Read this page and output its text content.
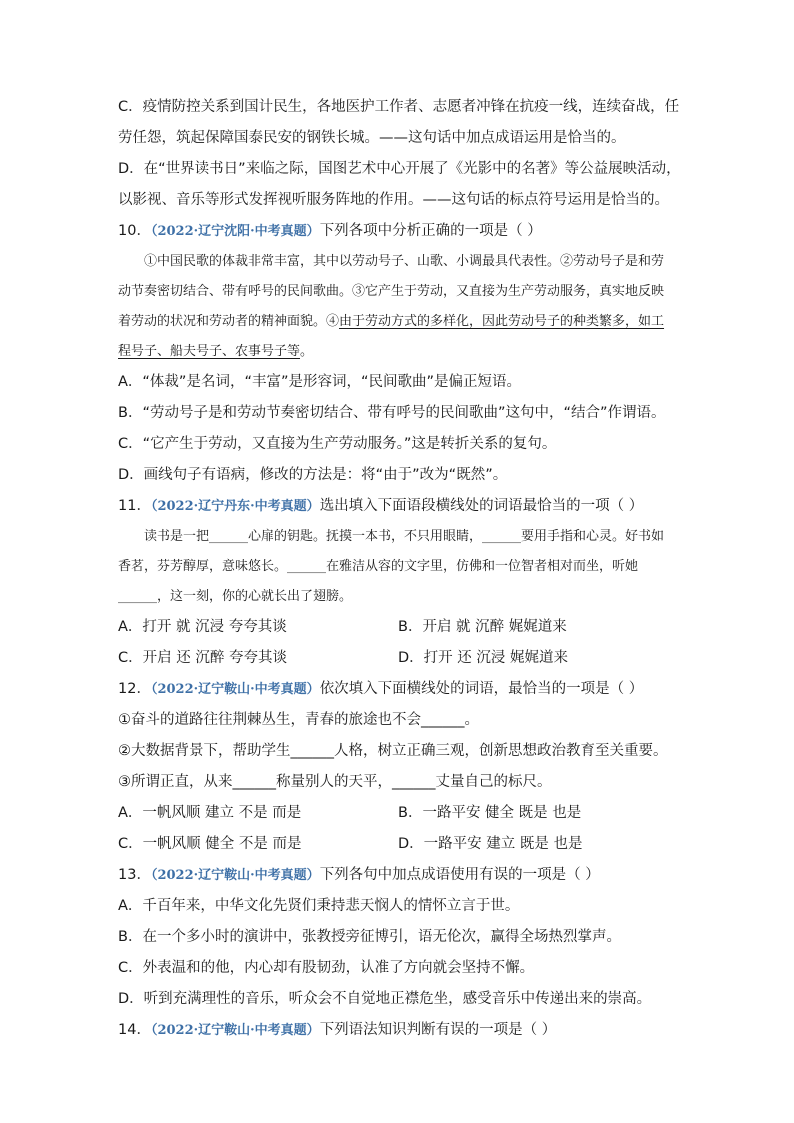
C．疫情防控关系到国计民生，各地医护工作者、志愿者冲锋在抗疫一线，连续奋战，任
劳任怨，筑起保障国泰民安的钢铁长城。——这句话中加点成语运用是恰当的。
D．在“世界读书日”来临之际，国图艺术中心开展了《光影中的名著》等公益展映活动，
以影视、音乐等形式发挥视听服务阵地的作用。——这句话的标点符号运用是恰当的。
10．（2022·辽宁沈阳·中考真题）下列各项中分析正确的一项是（ ）
①中国民歌的体裁非常丰富，其中以劳动号子、山歌、小调最具代表性。②劳动号子是和劳动节奏密切结合、带有呼号的民间歌曲。③它产生于劳动，又直接为生产劳动服务，真实地反映着劳动的状况和劳动者的精神面貌。④由于劳动方式的多样化，因此劳动号子的种类繁多，如工程号子、船夫号子、农事号子等。
A．“体裁”是名词，“丰富”是形容词，“民间歌曲”是偏正短语。
B．“劳动号子是和劳动节奏密切结合、带有呼号的民间歌曲”这句中，“结合”作谓语。
C．“它产生于劳动，又直接为生产劳动服务。”这是转折关系的复句。
D．画线句子有语病，修改的方法是：将“由于”改为“既然”。
11．（2022·辽宁丹东·中考真题）选出填入下面语段横线处的词语最恰当的一项（ ）
读书是一把______心扉的钥匙。抚摸一本书，不只用眼睛，______要用手指和心灵。好书如香茗，芬芳醇厚，意味悠长。______在雅洁从容的文字里，仿佛和一位智者相对而坐，听她______，这一刻，你的心就长出了翅膀。
A．打开 就 沉浸 夸夸其谈	B．开启 就 沉醉 娓娓道来
C．开启 还 沉醉 夸夸其谈	D．打开 还 沉浸 娓娓道来
12．（2022·辽宁鞍山·中考真题）依次填入下面横线处的词语，最恰当的一项是（ ）
①奋斗的道路往往荆棘丛生，青春的旅途也不会______。
②大数据背景下，帮助学生______人格，树立正确三观，创新思想政治教育至关重要。
③所谓正直，从来______称量别人的天平，______丈量自己的标尺。
A．一帆风顺 建立 不是 而是	B．一路平安 健全 既是 也是
C．一帆风顺 健全 不是 而是	D．一路平安 建立 既是 也是
13．（2022·辽宁鞍山·中考真题）下列各句中加点成语使用有误的一项是（ ）
A．千百年来，中华文化先贤们秉持悲天悯人的情怀立言于世。
B．在一个多小时的演讲中，张教授旁征博引，语无伦次，赢得全场热烈掌声。
C．外表温和的他，内心却有股韧劲，认准了方向就会坚持不懈。
D．听到充满理性的音乐，听众会不自觉地正襟危坐，感受音乐中传递出来的崇高。
14．（2022·辽宁鞍山·中考真题）下列语法知识判断有误的一项是（ ）
